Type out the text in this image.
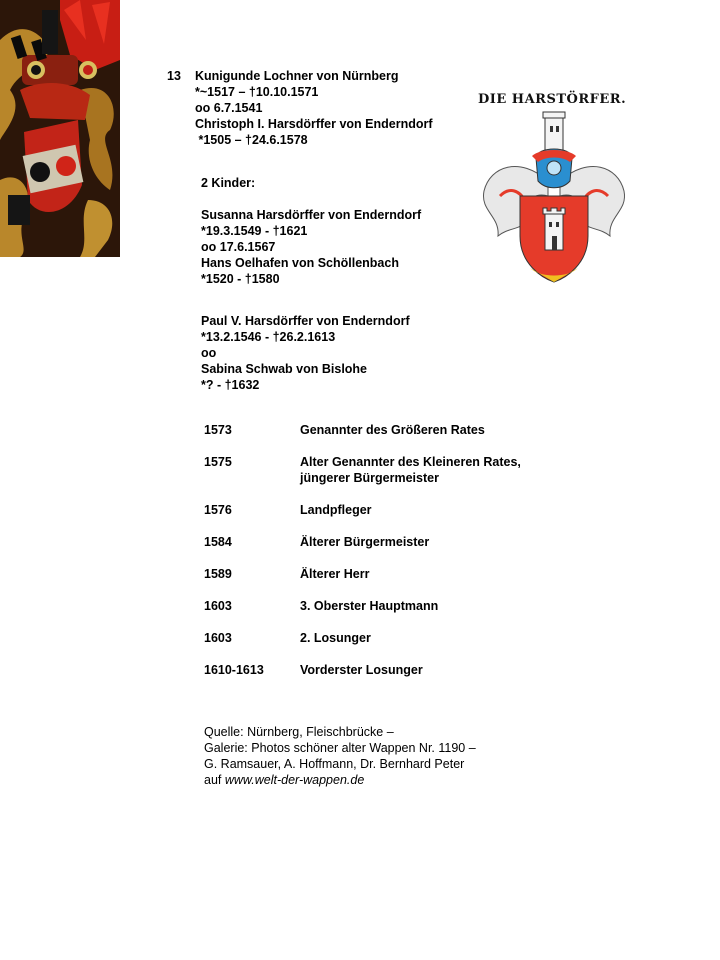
13 Kunigunde Lochner von Nürnberg
*~1517 – †10.10.1571
oo 6.7.1541
Christoph I. Harsdörffer von Enderndorf
*1505 – †24.6.1578
2 Kinder:
Susanna Harsdörffer von Enderndorf
*19.3.1549 - †1621
oo 17.6.1567
Hans Oelhafen von Schöllenbach
*1520 - †1580
Paul V. Harsdörffer von Enderndorf
*13.2.1546 - †26.2.1613
oo
Sabina Schwab von Bislohe
*? - †1632
1573	Genannter des Größeren Rates
1575	Alter Genannter des Kleineren Rates,
jüngerer Bürgermeister
1576	Landpfleger
1584	Älterer Bürgermeister
1589	Älterer Herr
1603	3. Oberster Hauptmann
1603	2. Losunger
1610-1613	Vorderster Losunger
Quelle: Nürnberg, Fleischbrücke –
Galerie: Photos schöner alter Wappen Nr. 1190 –
G. Ramsauer, A. Hoffmann, Dr. Bernhard Peter
auf www.welt-der-wappen.de
DIE HARSTÖRFER.
